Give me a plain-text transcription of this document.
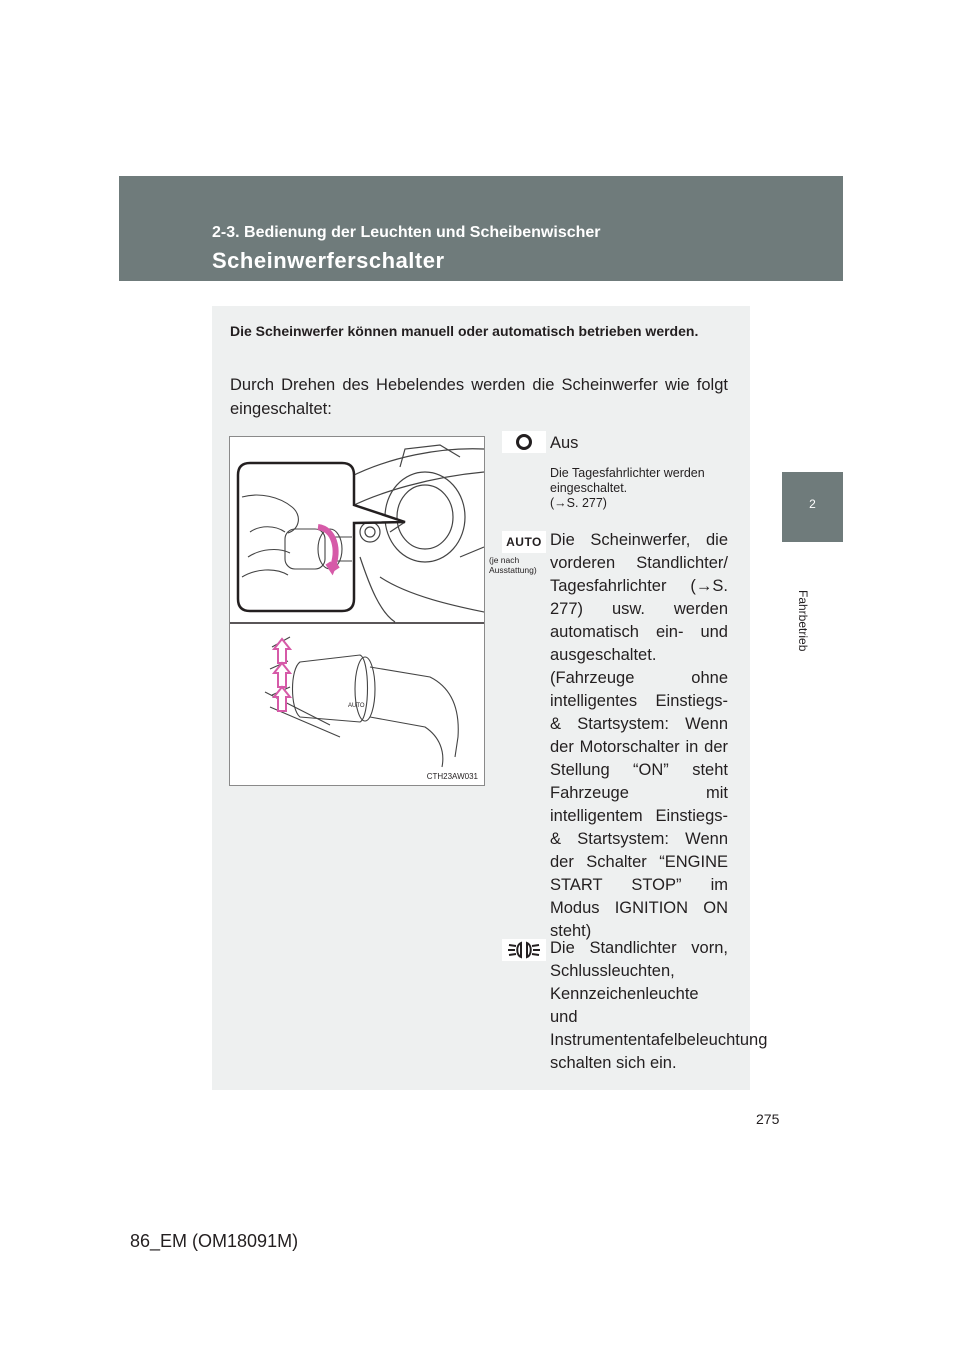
2-3. Bedienung der Leuchten und Scheibenwischer
Scheinwerferschalter
2
Fahrbetrieb
Die Scheinwerfer können manuell oder automatisch betrieben werden.
Durch Drehen des Hebelendes werden die Scheinwerfer wie folgt eingeschaltet:
AUTO
CTH23AW031
Aus
Die Tagesfahrlichter werden eingeschaltet.
(→S. 277)
AUTO
(je nach Ausstattung)
Die Scheinwerfer, die vorderen Standlichter/ Tagesfahrlichter (→S. 277) usw. werden automatisch ein- und ausgeschaltet. (Fahrzeuge ohne intelligentes Einstiegs- & Startsystem: Wenn der Motorschalter in der Stellung “ON” steht Fahrzeuge mit intelligentem Einstiegs- & Startsystem: Wenn der Schalter “ENGINE START STOP” im Modus IGNITION ON steht)
Die Standlichter vorn, Schlussleuchten, Kennzeichenleuchte und Instrumententafelbeleuchtung schalten sich ein.
275
86_EM (OM18091M)
